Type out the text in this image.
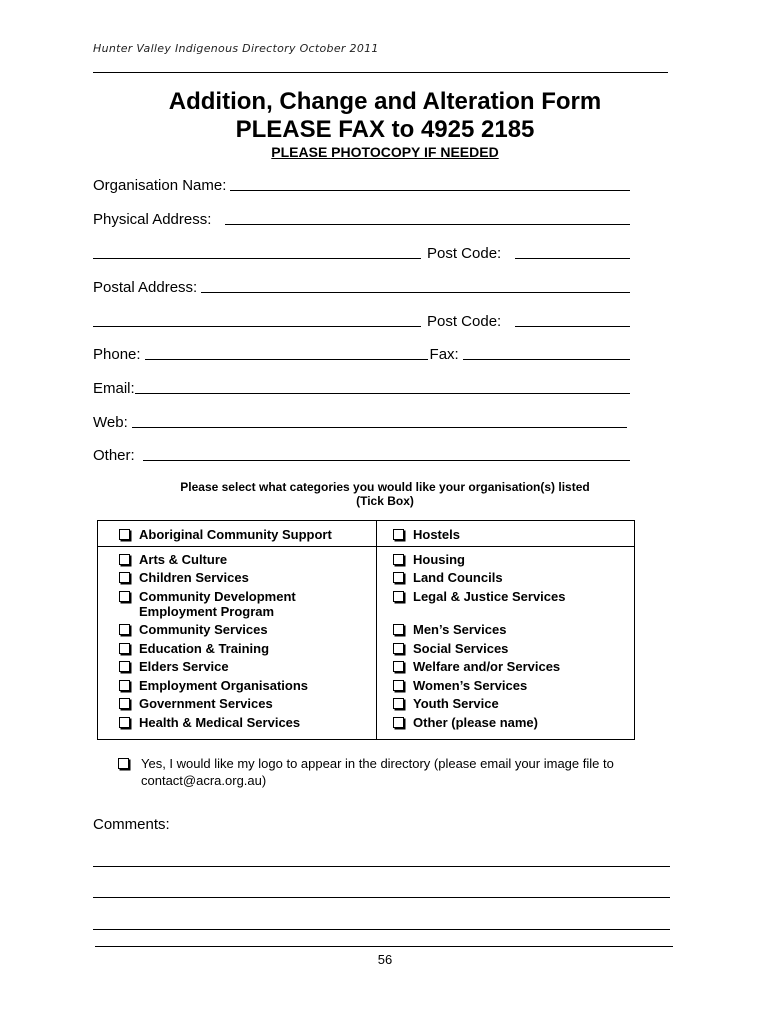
Hunter Valley Indigenous Directory October 2011
Addition, Change and Alteration Form
PLEASE FAX to 4925 2185
PLEASE PHOTOCOPY IF NEEDED
Organisation Name:
Physical Address:
Post Code:
Postal Address:
Post Code:
Phone:	Fax:
Email:
Web:
Other:
Please select what categories you would like your organisation(s) listed
(Tick Box)
Aboriginal Community Support
Arts & Culture
Children Services
Community Development Employment Program
Community Services
Education & Training
Elders Service
Employment Organisations
Government Services
Health & Medical Services
Hostels
Housing
Land Councils
Legal & Justice Services
Men’s Services
Social Services
Welfare and/or Services
Women’s Services
Youth Service
Other (please name)
Yes, I would like my logo to appear in the directory (please email your image file to
contact@acra.org.au)
Comments:
56
